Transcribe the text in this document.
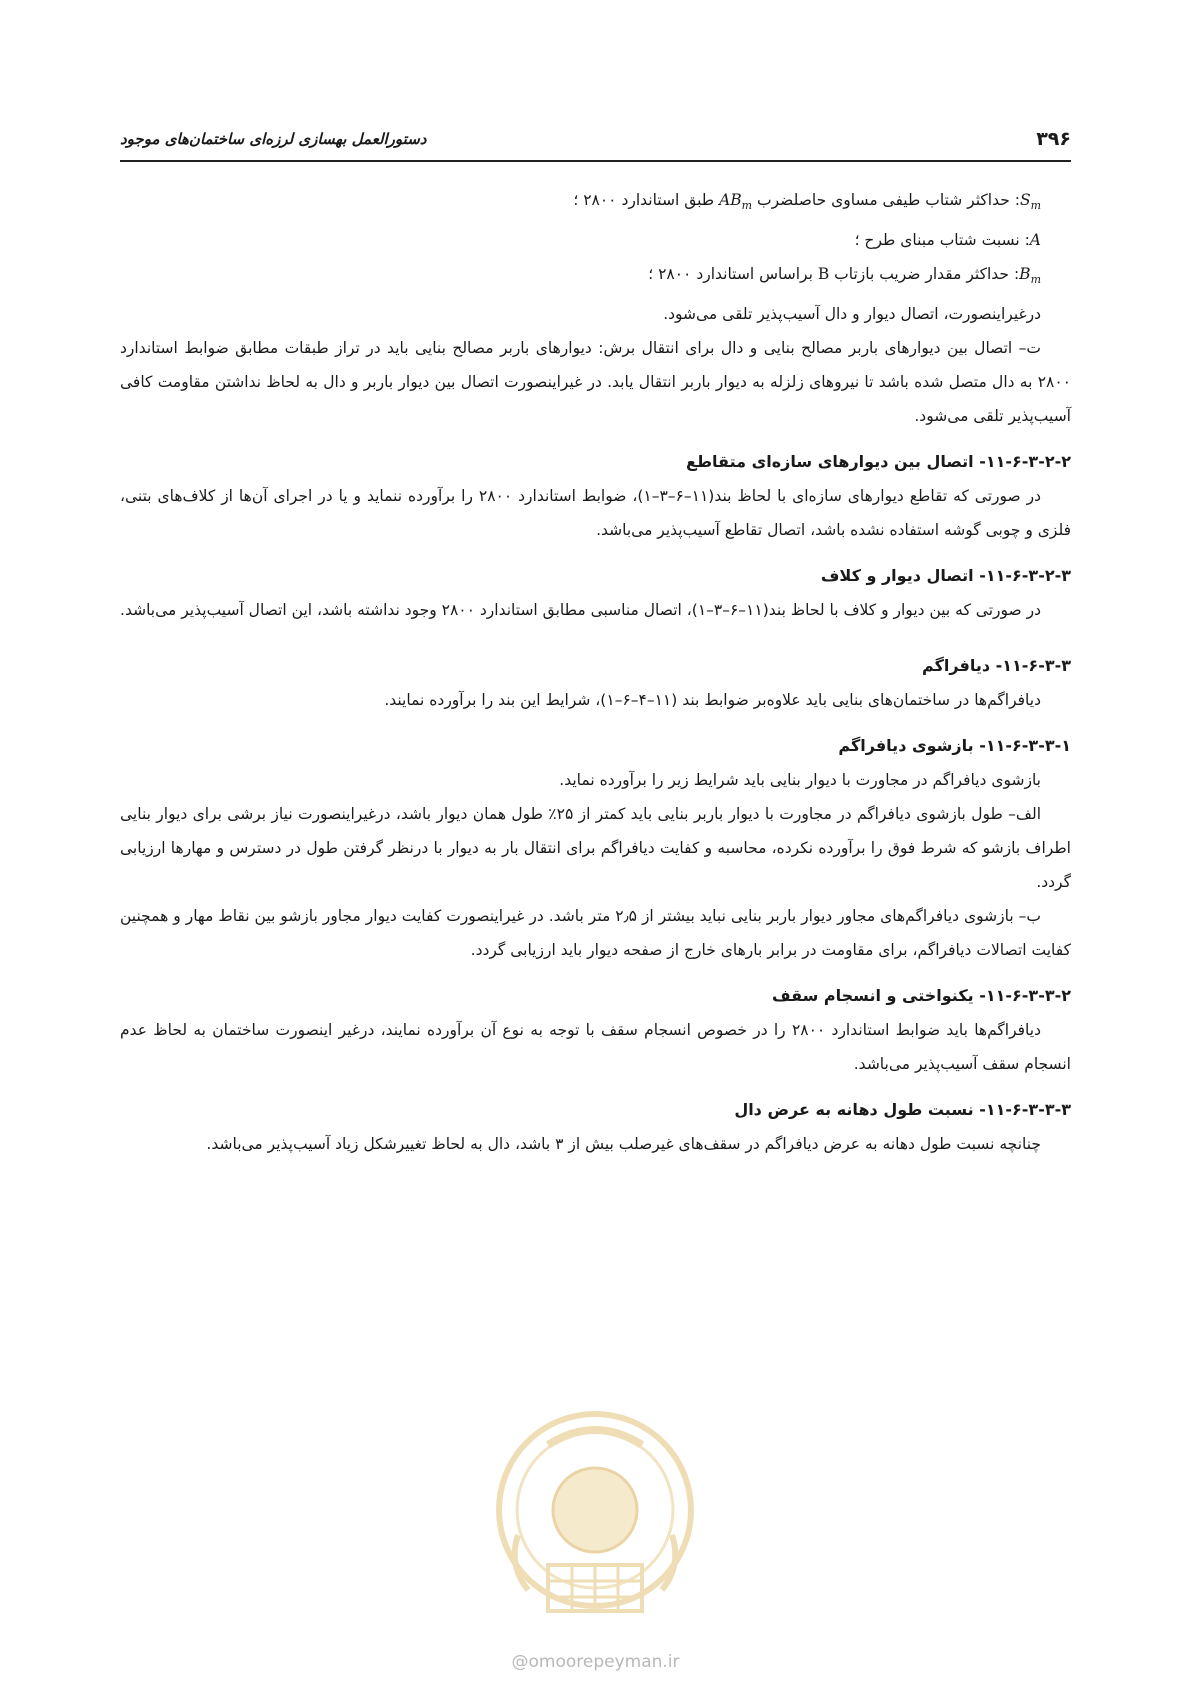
۳۹۶
دستورالعمل بهسازی لرزه‌ای ساختمان‌های موجود

$S_m$: حداکثر شتاب طیفی مساوی حاصلضرب $AB_m$ طبق استاندارد ۲۸۰۰ ؛

A: نسبت شتاب مبنای طرح ؛

$B_m$: حداکثر مقدار ضریب بازتاب B براساس استاندارد ۲۸۰۰ ؛

درغیراینصورت، اتصال دیوار و دال آسیب‌پذیر تلقی می‌شود.

ت– اتصال بین دیوارهای باربر مصالح بنایی و دال برای انتقال برش: دیوارهای باربر مصالح بنایی باید در تراز طبقات مطابق ضوابط استاندارد ۲۸۰۰ به دال متصل شده باشد تا نیروهای زلزله به دیوار باربر انتقال یابد. در غیراینصورت اتصال بین دیوار باربر و دال به لحاظ نداشتن مقاومت کافی آسیب‌پذیر تلقی می‌شود.

۱۱-۶-۳-۲-۲- اتصال بین دیوارهای سازه‌ای متقاطع

در صورتی که تقاطع دیوارهای سازه‌ای با لحاظ بند(۱۱–۶–۳–۱)، ضوابط استاندارد ۲۸۰۰ را برآورده ننماید و یا در اجرای آن‌ها از کلاف‌های بتنی، فلزی و چوبی گوشه استفاده نشده باشد، اتصال تقاطع آسیب‌پذیر می‌باشد.

۱۱-۶-۳-۲-۳- اتصال دیوار و کلاف

در صورتی که بین دیوار و کلاف با لحاظ بند(۱۱–۶–۳–۱)، اتصال مناسبی مطابق استاندارد ۲۸۰۰ وجود نداشته باشد، این اتصال آسیب‌پذیر می‌باشد.

۱۱-۶-۳-۳- دیافراگم

دیافراگم‌ها در ساختمان‌های بنایی باید علاوه‌بر ضوابط بند (۱۱–۴–۶–۱)، شرایط این بند را برآورده نمایند.

۱۱-۶-۳-۳-۱- بازشوی دیافراگم

بازشوی دیافراگم در مجاورت با دیوار بنایی باید شرایط زیر را برآورده نماید.

الف– طول بازشوی دیافراگم در مجاورت با دیوار باربر بنایی باید کمتر از ۲۵٪ طول همان دیوار باشد، درغیراینصورت نیاز برشی برای دیوار بنایی اطراف بازشو که شرط فوق را برآورده نکرده، محاسبه و کفایت دیافراگم برای انتقال بار به دیوار با درنظر گرفتن طول در دسترس و مهارها ارزیابی گردد.

ب– بازشوی دیافراگم‌های مجاور دیوار باربر بنایی نباید بیشتر از ۲٫۵ متر باشد. در غیراینصورت کفایت دیوار مجاور بازشو بین نقاط مهار و همچنین کفایت اتصالات دیافراگم، برای مقاومت در برابر بارهای خارج از صفحه دیوار باید ارزیابی گردد.

۱۱-۶-۳-۳-۲- یکنواختی و انسجام سقف

دیافراگم‌ها باید ضوابط استاندارد ۲۸۰۰ را در خصوص انسجام سقف با توجه به نوع آن برآورده نمایند، درغیر اینصورت ساختمان به لحاظ عدم انسجام سقف آسیب‌پذیر می‌باشد.

۱۱-۶-۳-۳-۳- نسبت طول دهانه به عرض دال

چنانچه نسبت طول دهانه به عرض دیافراگم در سقف‌های غیرصلب بیش از ۳ باشد، دال به لحاظ تغییرشکل زیاد آسیب‌پذیر می‌باشد.

@omoorepeyman.ir
